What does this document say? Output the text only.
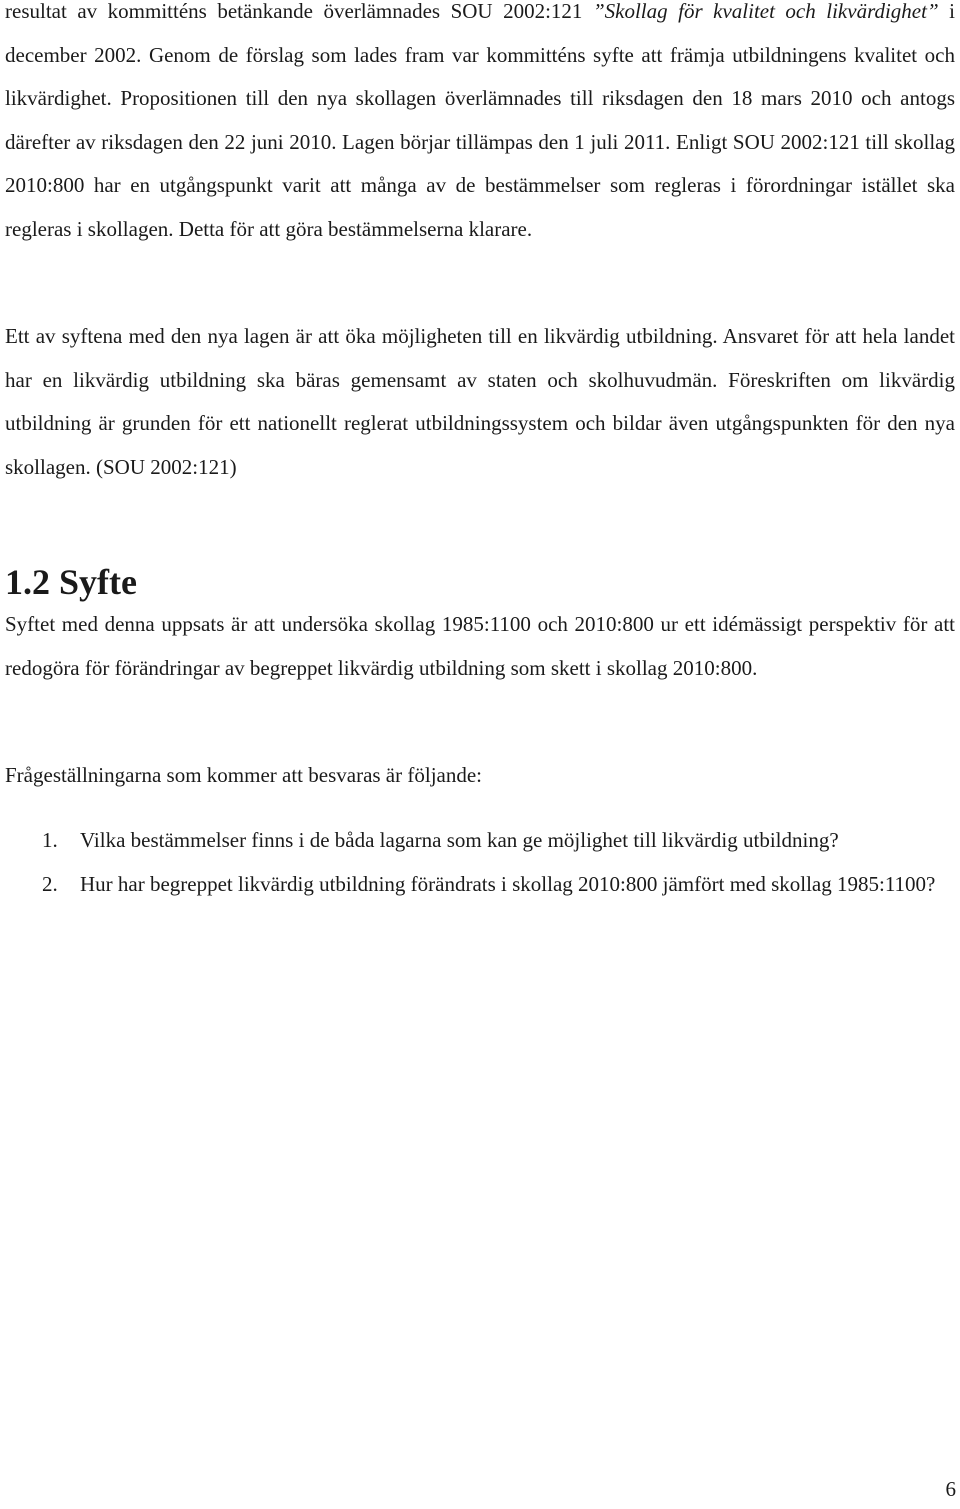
resultat av kommitténs betänkande överlämnades SOU 2002:121 ”Skollag för kvalitet och likvärdighet” i december 2002. Genom de förslag som lades fram var kommitténs syfte att främja utbildningens kvalitet och likvärdighet. Propositionen till den nya skollagen överlämnades till riksdagen den 18 mars 2010 och antogs därefter av riksdagen den 22 juni 2010. Lagen börjar tillämpas den 1 juli 2011. Enligt SOU 2002:121 till skollag 2010:800 har en utgångspunkt varit att många av de bestämmelser som regleras i förordningar istället ska regleras i skollagen. Detta för att göra bestämmelserna klarare.

Ett av syftena med den nya lagen är att öka möjligheten till en likvärdig utbildning. Ansvaret för att hela landet har en likvärdig utbildning ska bäras gemensamt av staten och skolhuvudmän. Föreskriften om likvärdig utbildning är grunden för ett nationellt reglerat utbildningssystem och bildar även utgångspunkten för den nya skollagen. (SOU 2002:121)

1.2 Syfte

Syftet med denna uppsats är att undersöka skollag 1985:1100 och 2010:800 ur ett idémässigt perspektiv för att redogöra för förändringar av begreppet likvärdig utbildning som skett i skollag 2010:800.

Frågeställningarna som kommer att besvaras är följande:

1. Vilka bestämmelser finns i de båda lagarna som kan ge möjlighet till likvärdig utbildning?
2. Hur har begreppet likvärdig utbildning förändrats i skollag 2010:800 jämfört med skollag 1985:1100?
6
